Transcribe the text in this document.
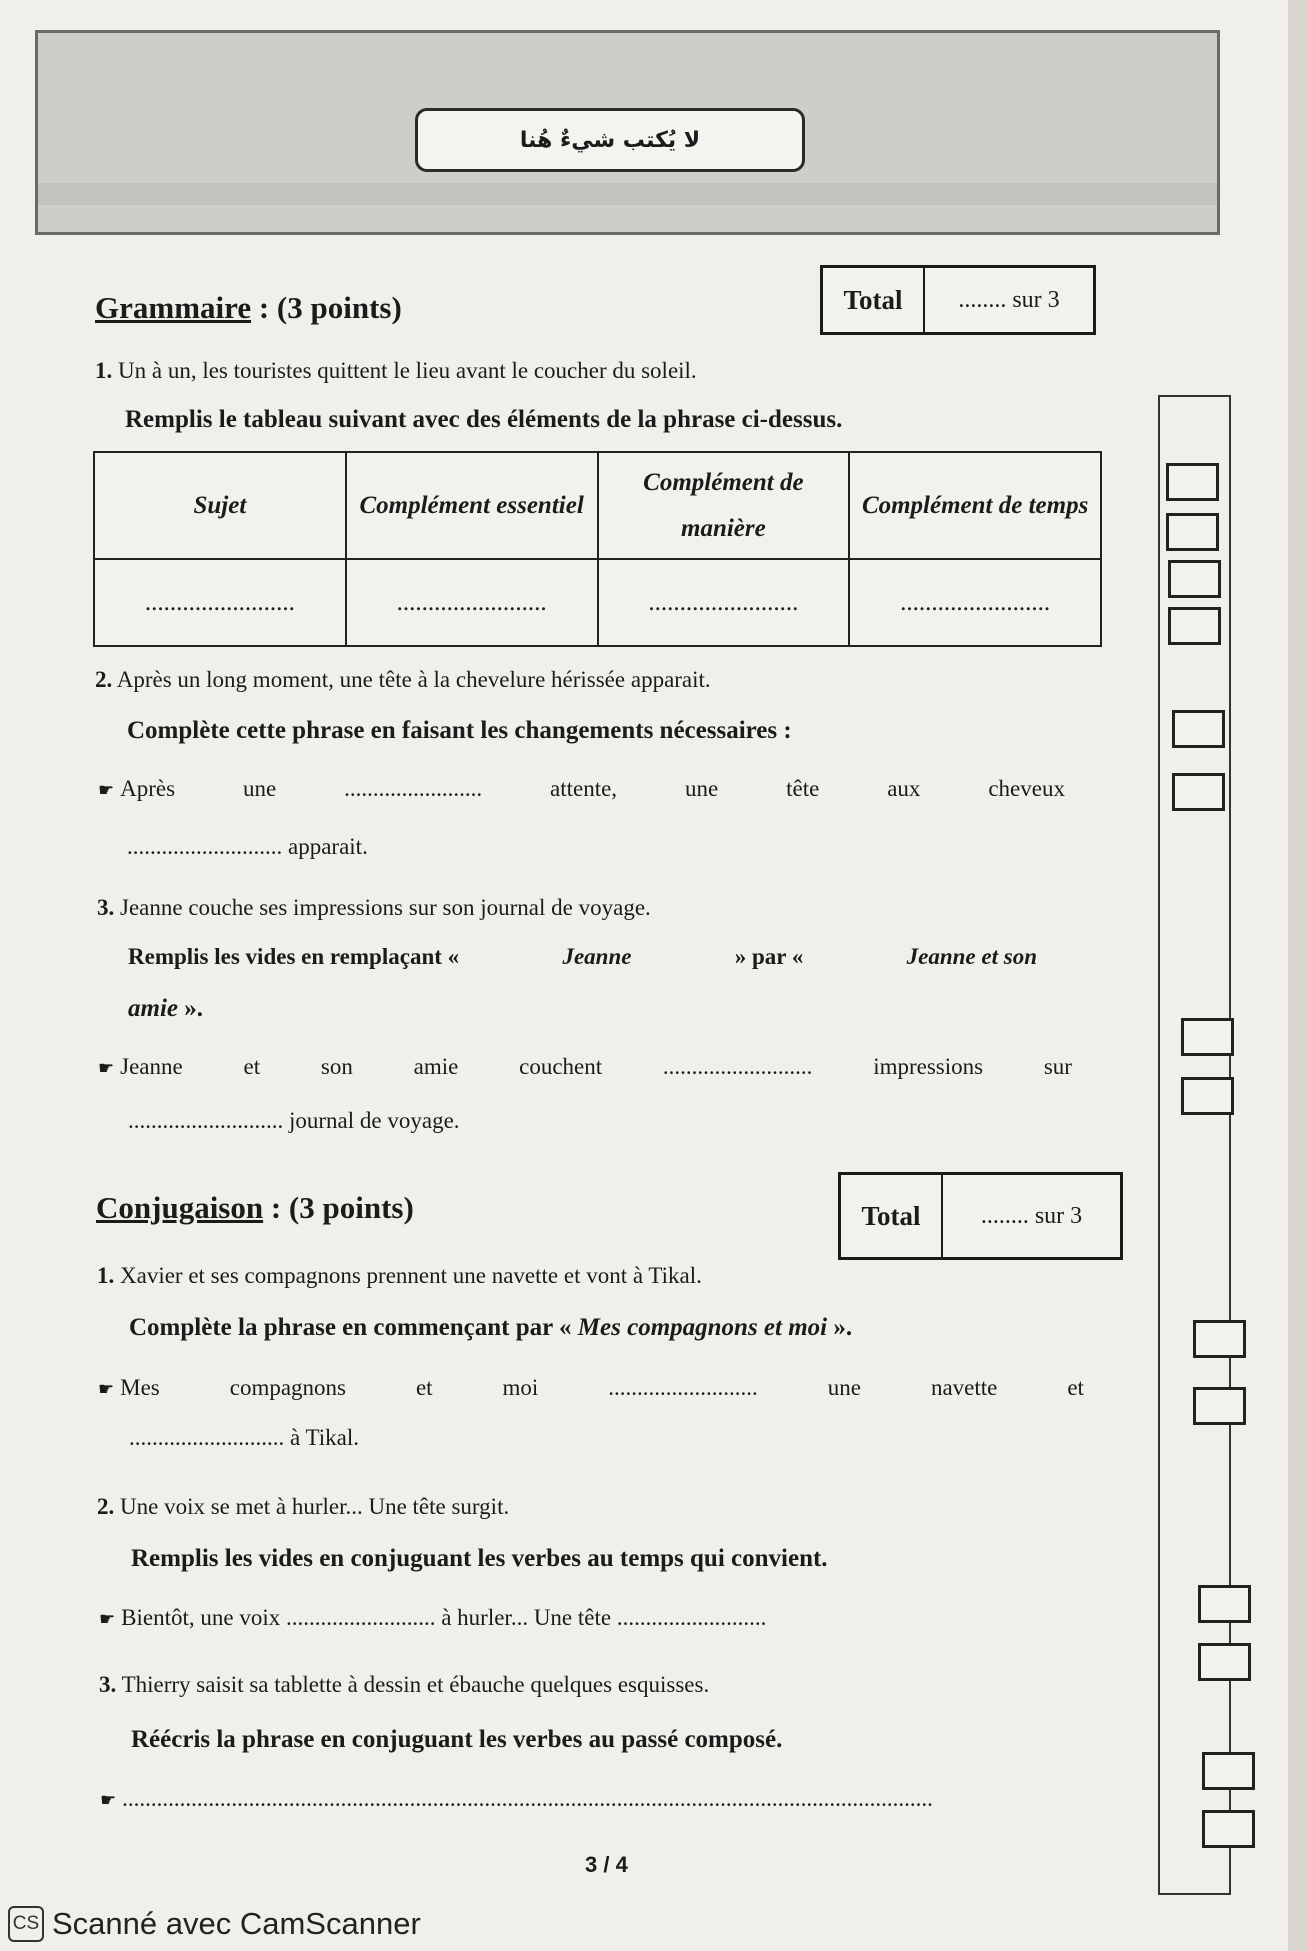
لا يُكتب شيءٌ هُنا
Grammaire : (3 points)	Total	........ sur 3
1. Un à un, les touristes quittent le lieu avant le coucher du soleil.
Remplis le tableau suivant avec des éléments de la phrase ci-dessus.
Sujet	Complément essentiel	Complément de manière	Complément de temps
........................	........................	........................	........................
2. Après un long moment, une tête à la chevelure hérissée apparait.
Complète cette phrase en faisant les changements nécessaires :
☛ Après	une	........................	attente,	une	tête	aux	cheveux
........................... apparait.
3. Jeanne couche ses impressions sur son journal de voyage.
Remplis les vides en remplaçant «	Jeanne	» par «	Jeanne et son
amie ».
☛ Jeanne	et	son	amie	couchent	..........................	impressions	sur
........................... journal de voyage.
Conjugaison : (3 points)	Total	........ sur 3
1. Xavier et ses compagnons prennent une navette et vont à Tikal.
Complète la phrase en commençant par « Mes compagnons et moi ».
☛ Mes	compagnons	et	moi	..........................	une	navette	et
........................... à Tikal.
2. Une voix se met à hurler... Une tête surgit.
Remplis les vides en conjuguant les verbes au temps qui convient.
☛ Bientôt, une voix .......................... à hurler... Une tête ..........................
3. Thierry saisit sa tablette à dessin et ébauche quelques esquisses.
Réécris la phrase en conjuguant les verbes au passé composé.
☛ .............................................................................................................................................
3 / 4
CS Scanné avec CamScanner
